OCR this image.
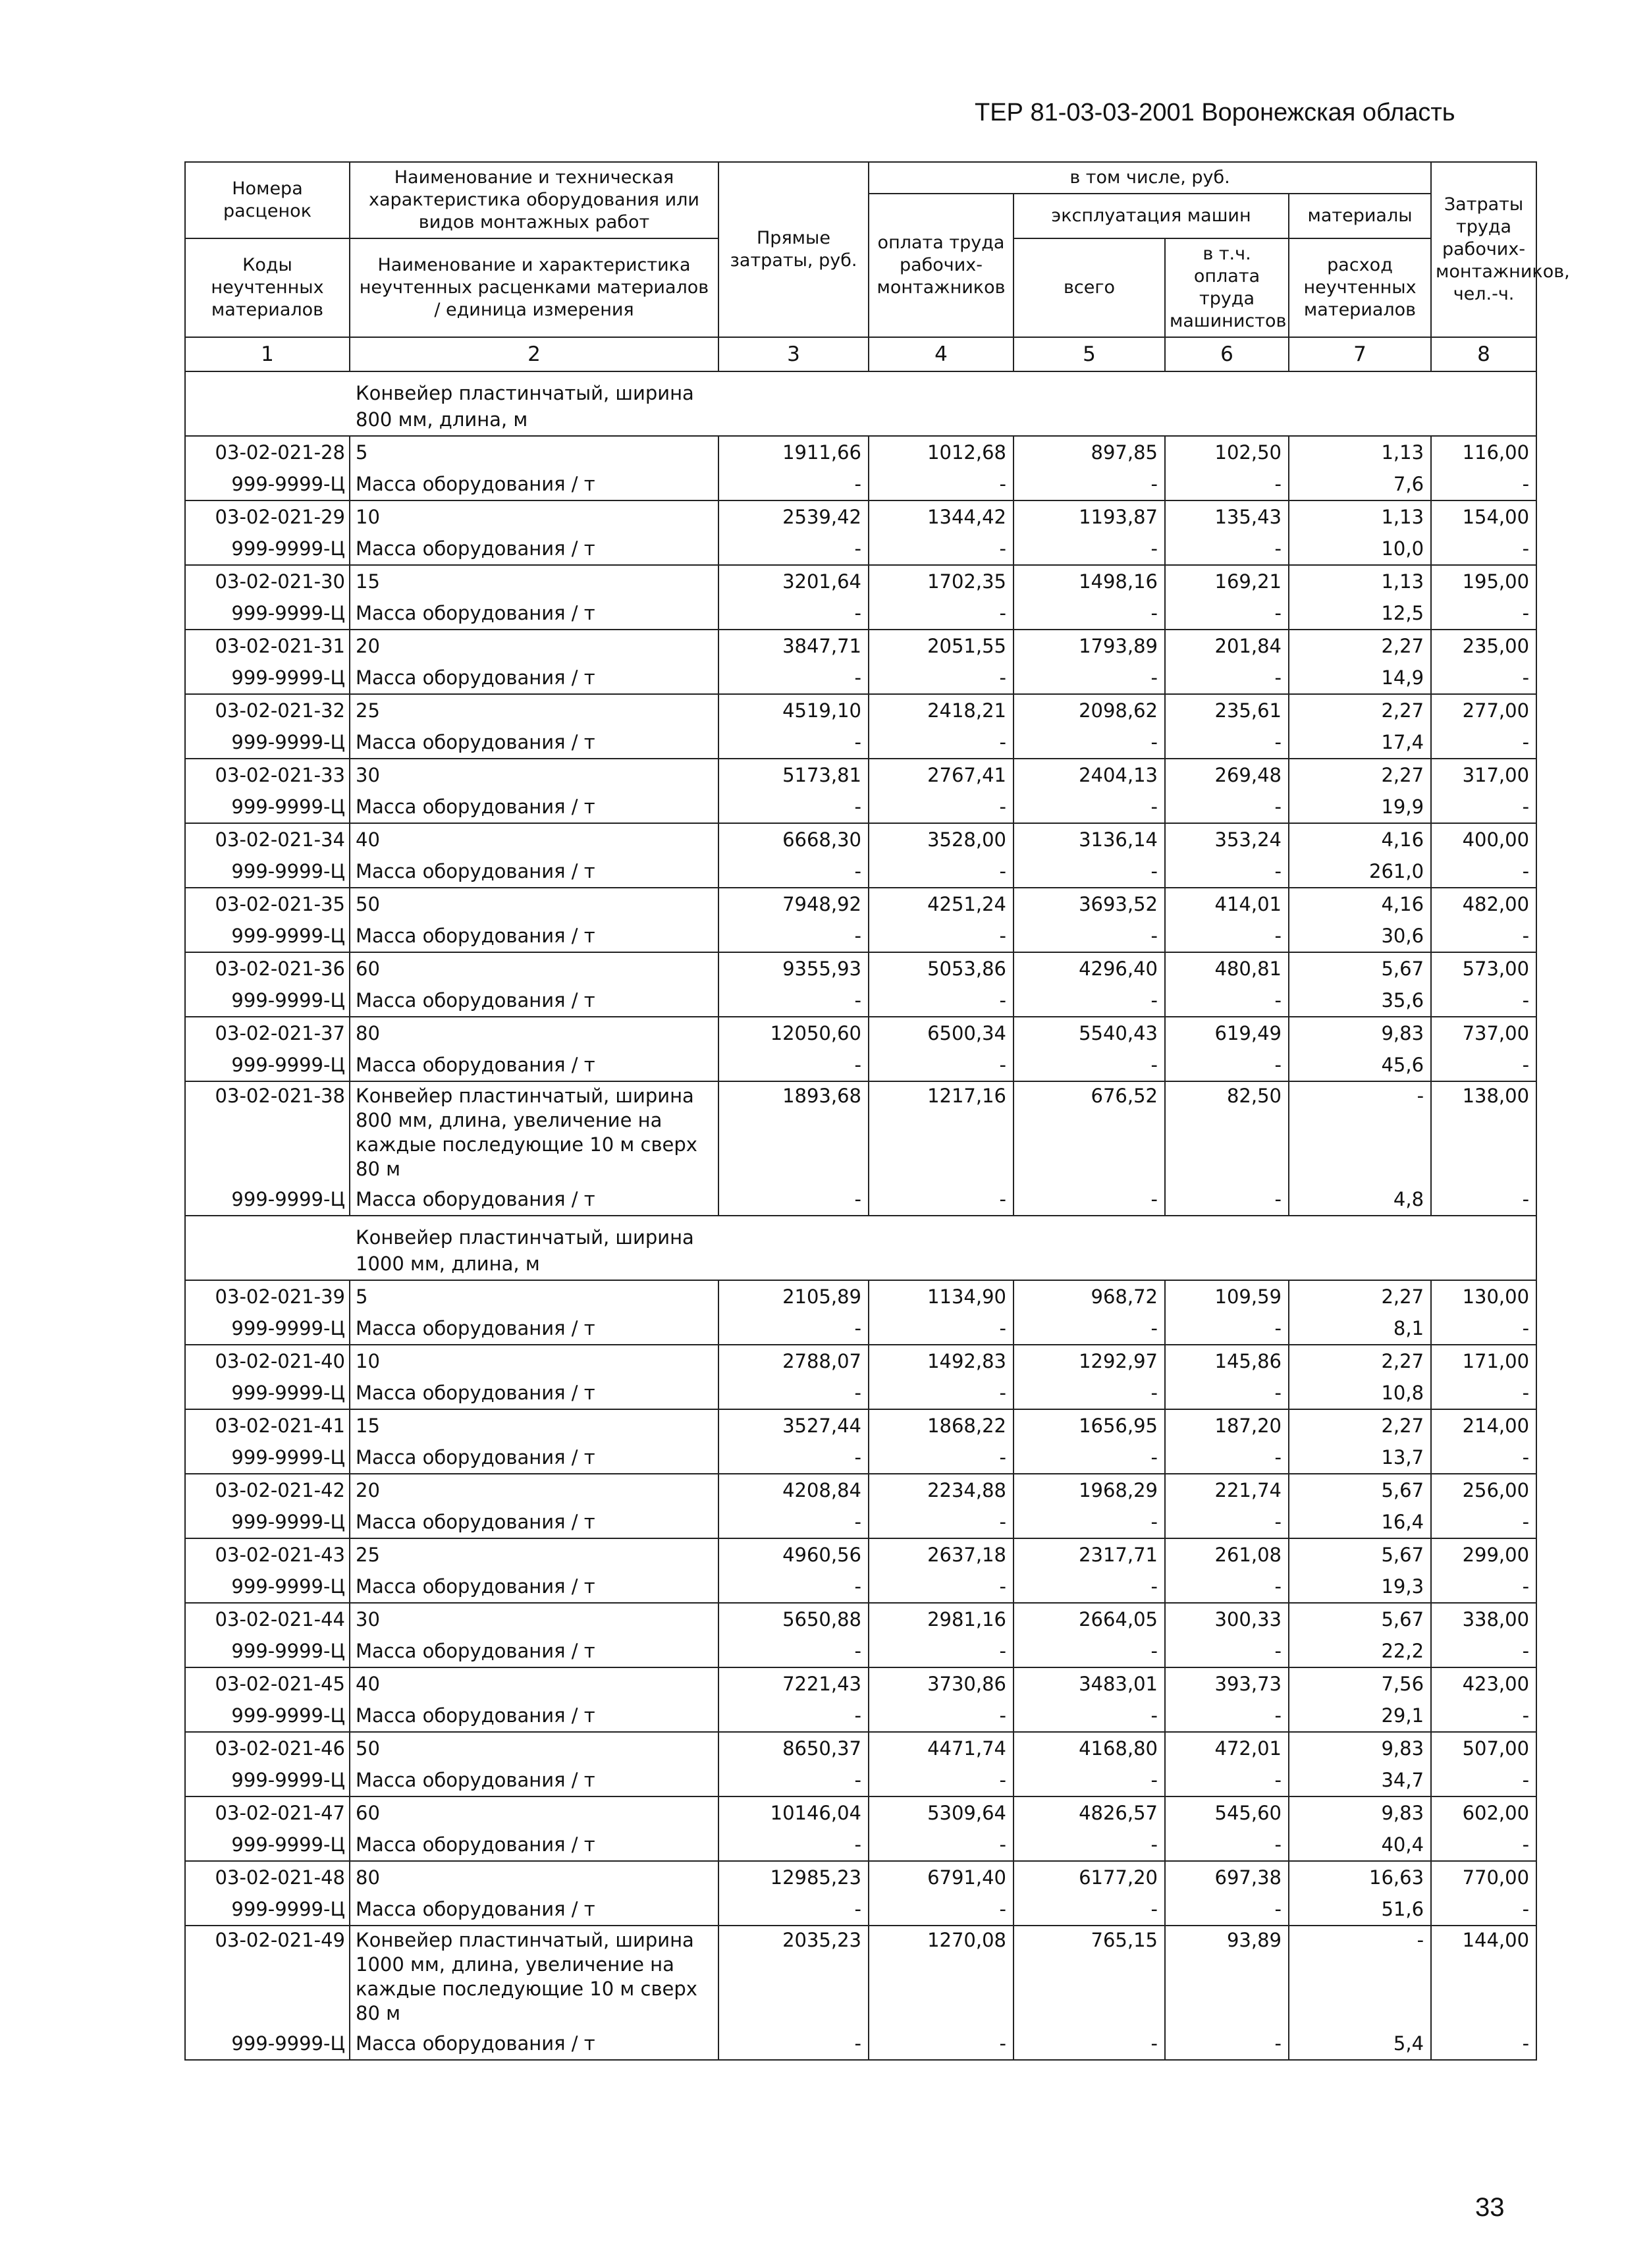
ТЕР 81-03-03-2001 Воронежская область
Номера расценок	Наименование и техническая характеристика оборудования или видов монтажных работ	Прямые затраты, руб.	в том числе, руб.				Затраты труда рабочих-монтажников, чел.-ч.
			оплата труда рабочих-монтажников	эксплуатация машин		материалы	
Коды неучтенных материалов	Наименование и характеристика неучтенных расценками материалов / единица измерения			всего	в т.ч. оплата труда машинистов	расход неучтенных материалов	

1	2	3	4	5	6	7	8

Конвейер пластинчатый, ширина 800 мм, длина, м							

03-02-021-28	5	1911,66	1012,68	897,85	102,50	1,13	116,00
999-9999-Ц	Масса оборудования / т	-	-	-	-	7,6	-
03-02-021-29	10	2539,42	1344,42	1193,87	135,43	1,13	154,00
999-9999-Ц	Масса оборудования / т	-	-	-	-	10,0	-
03-02-021-30	15	3201,64	1702,35	1498,16	169,21	1,13	195,00
999-9999-Ц	Масса оборудования / т	-	-	-	-	12,5	-
03-02-021-31	20	3847,71	2051,55	1793,89	201,84	2,27	235,00
999-9999-Ц	Масса оборудования / т	-	-	-	-	14,9	-
03-02-021-32	25	4519,10	2418,21	2098,62	235,61	2,27	277,00
999-9999-Ц	Масса оборудования / т	-	-	-	-	17,4	-
03-02-021-33	30	5173,81	2767,41	2404,13	269,48	2,27	317,00
999-9999-Ц	Масса оборудования / т	-	-	-	-	19,9	-
03-02-021-34	40	6668,30	3528,00	3136,14	353,24	4,16	400,00
999-9999-Ц	Масса оборудования / т	-	-	-	-	261,0	-
03-02-021-35	50	7948,92	4251,24	3693,52	414,01	4,16	482,00
999-9999-Ц	Масса оборудования / т	-	-	-	-	30,6	-
03-02-021-36	60	9355,93	5053,86	4296,40	480,81	5,67	573,00
999-9999-Ц	Масса оборудования / т	-	-	-	-	35,6	-
03-02-021-37	80	12050,60	6500,34	5540,43	619,49	9,83	737,00
999-9999-Ц	Масса оборудования / т	-	-	-	-	45,6	-
03-02-021-38	Конвейер пластинчатый, ширина 800 мм, длина, увеличение на каждые последующие 10 м сверх 80 м	1893,68	1217,16	676,52	82,50	-	138,00
999-9999-Ц	Масса оборудования / т	-	-	-	-	4,8	-

Конвейер пластинчатый, ширина 1000 мм, длина, м							

03-02-021-39	5	2105,89	1134,90	968,72	109,59	2,27	130,00
999-9999-Ц	Масса оборудования / т	-	-	-	-	8,1	-
03-02-021-40	10	2788,07	1492,83	1292,97	145,86	2,27	171,00
999-9999-Ц	Масса оборудования / т	-	-	-	-	10,8	-
03-02-021-41	15	3527,44	1868,22	1656,95	187,20	2,27	214,00
999-9999-Ц	Масса оборудования / т	-	-	-	-	13,7	-
03-02-021-42	20	4208,84	2234,88	1968,29	221,74	5,67	256,00
999-9999-Ц	Масса оборудования / т	-	-	-	-	16,4	-
03-02-021-43	25	4960,56	2637,18	2317,71	261,08	5,67	299,00
999-9999-Ц	Масса оборудования / т	-	-	-	-	19,3	-
03-02-021-44	30	5650,88	2981,16	2664,05	300,33	5,67	338,00
999-9999-Ц	Масса оборудования / т	-	-	-	-	22,2	-
03-02-021-45	40	7221,43	3730,86	3483,01	393,73	7,56	423,00
999-9999-Ц	Масса оборудования / т	-	-	-	-	29,1	-
03-02-021-46	50	8650,37	4471,74	4168,80	472,01	9,83	507,00
999-9999-Ц	Масса оборудования / т	-	-	-	-	34,7	-
03-02-021-47	60	10146,04	5309,64	4826,57	545,60	9,83	602,00
999-9999-Ц	Масса оборудования / т	-	-	-	-	40,4	-
03-02-021-48	80	12985,23	6791,40	6177,20	697,38	16,63	770,00
999-9999-Ц	Масса оборудования / т	-	-	-	-	51,6	-
03-02-021-49	Конвейер пластинчатый, ширина 1000 мм, длина, увеличение на каждые последующие 10 м сверх 80 м	2035,23	1270,08	765,15	93,89	-	144,00
999-9999-Ц	Масса оборудования / т	-	-	-	-	5,4	-
33
